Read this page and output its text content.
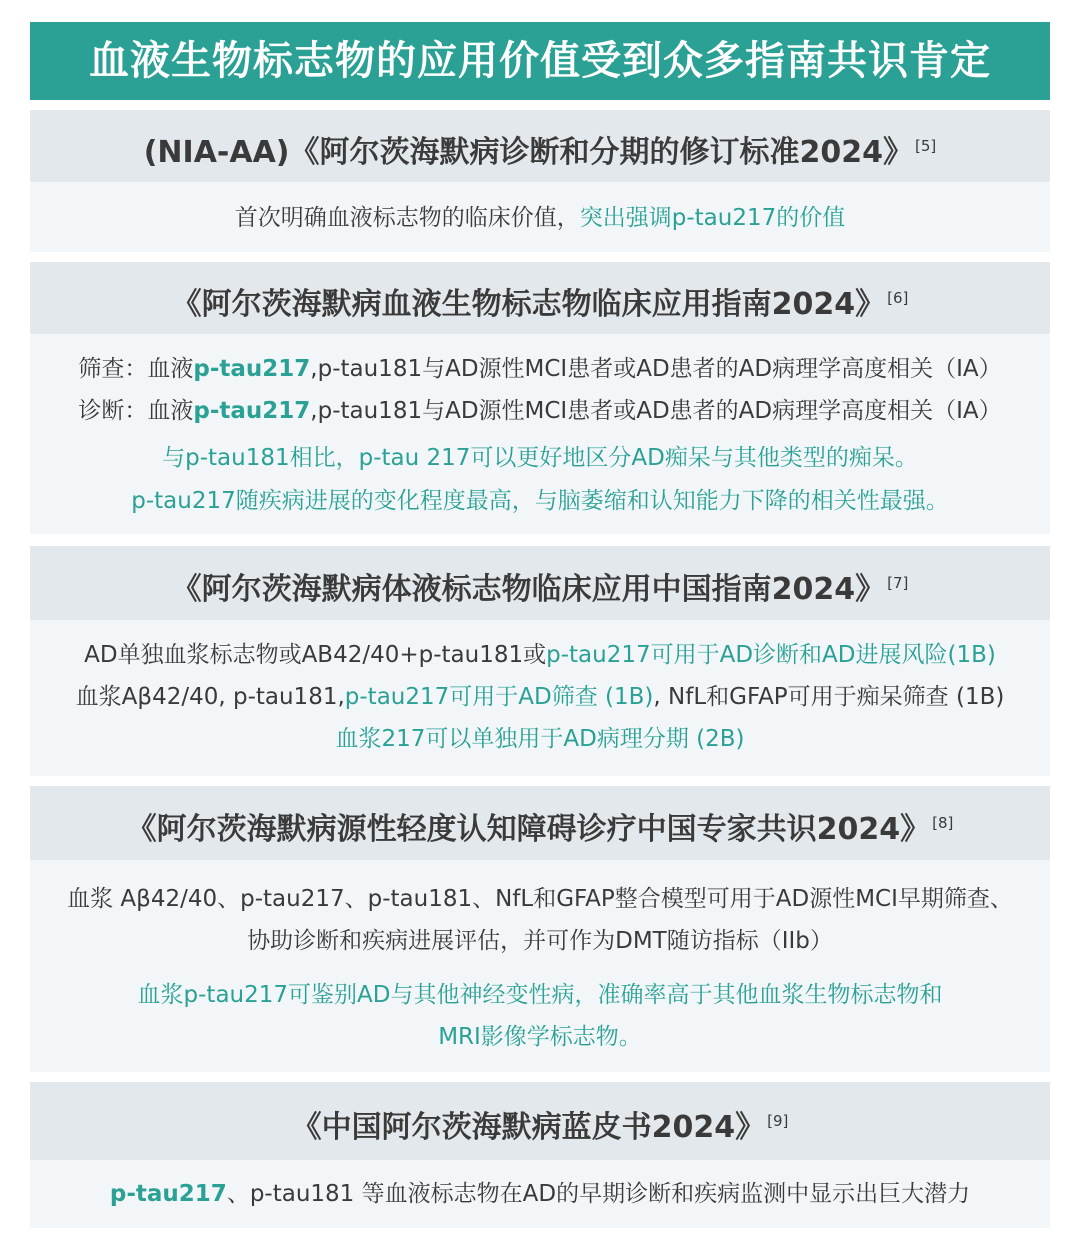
血液生物标志物的应用价值受到众多指南共识肯定
(NIA-AA)《阿尔茨海默病诊断和分期的修订标准2024》 [5]
首次明确血液标志物的临床价值，突出强调p-tau217的价值
《阿尔茨海默病血液生物标志物临床应用指南2024》 [6]
筛查：血液p-tau217,p-tau181与AD源性MCI患者或AD患者的AD病理学高度相关（IA）
诊断：血液p-tau217,p-tau181与AD源性MCI患者或AD患者的AD病理学高度相关（IA）
与p-tau181相比，p-tau 217可以更好地区分AD痴呆与其他类型的痴呆。
p-tau217随疾病进展的变化程度最高，与脑萎缩和认知能力下降的相关性最强。
《阿尔茨海默病体液标志物临床应用中国指南2024》 [7]
AD单独血浆标志物或AB42/40+p-tau181或p-tau217可用于AD诊断和AD进展风险(1B)
血浆Aβ42/40, p-tau181,p-tau217可用于AD筛查 (1B), NfL和GFAP可用于痴呆筛查 (1B)
血浆217可以单独用于AD病理分期 (2B)
《阿尔茨海默病源性轻度认知障碍诊疗中国专家共识2024》 [8]
血浆 Aβ42/40、p-tau217、p-tau181、NfL和GFAP整合模型可用于AD源性MCI早期筛查、
协助诊断和疾病进展评估，并可作为DMT随访指标（IIb）
血浆p-tau217可鉴别AD与其他神经变性病，准确率高于其他血浆生物标志物和
MRI影像学标志物。
《中国阿尔茨海默病蓝皮书2024》 [9]
p-tau217、p-tau181 等血液标志物在AD的早期诊断和疾病监测中显示出巨大潜力
